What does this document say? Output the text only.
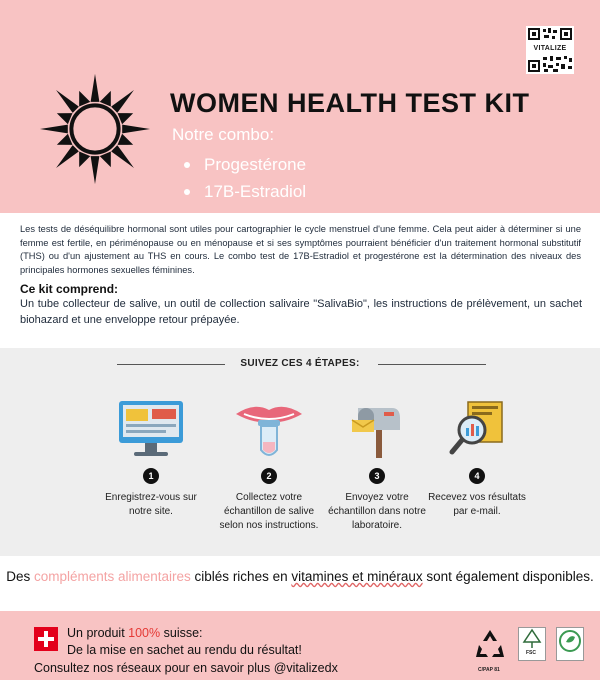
VITALIZE
WOMEN HEALTH TEST KIT
Notre combo:
Progestérone
17B-Estradiol

Les tests de déséquilibre hormonal sont utiles pour cartographier le cycle menstruel d'une femme. Cela peut aider à déterminer si une femme est fertile, en périménopause ou en ménopause et si ses symptômes pourraient bénéficier d'un traitement hormonal substitutif (THS) ou d'un ajustement au THS en cours. Le combo test de 17B-Estradiol et progestérone est la détermination des niveaux des principales hormones sexuelles féminines.

Ce kit comprend:

Un tube collecteur de salive, un outil de collection salivaire "SalivaBio", les instructions de prélèvement, un sachet biohazard et une enveloppe retour prépayée.

SUIVEZ CES 4 ÉTAPES:
1
Enregistrez-vous sur notre site.
2
Collectez votre échantillon de salive selon nos instructions.
3
Envoyez votre échantillon dans notre laboratoire.
4
Recevez vos résultats par e-mail.

Des compléments alimentaires ciblés riches en vitamines et minéraux sont également disponibles.

Un produit 100% suisse:
De la mise en sachet au rendu du résultat!
Consultez nos réseaux pour en savoir plus @vitalizedx	C/PAP 81
FSC
